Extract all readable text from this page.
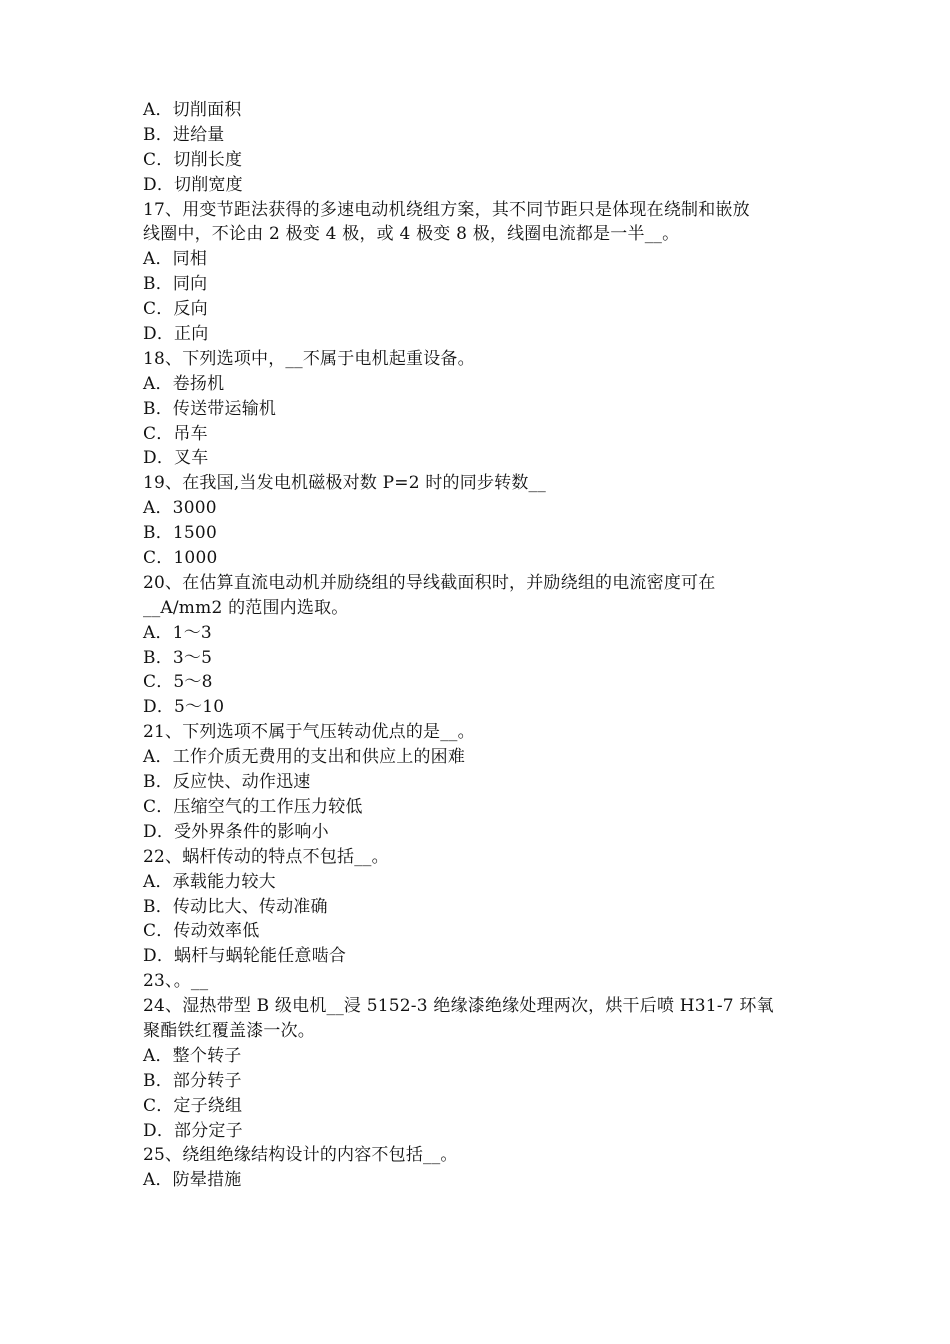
A．切削面积
B．进给量
C．切削长度
D．切削宽度
17、用变节距法获得的多速电动机绕组方案，其不同节距只是体现在绕制和嵌放
线圈中，不论由 2 极变 4 极，或 4 极变 8 极，线圈电流都是一半__。
A．同相
B．同向
C．反向
D．正向
18、下列选项中，__不属于电机起重设备。
A．卷扬机
B．传送带运输机
C．吊车
D．叉车
19、在我国,当发电机磁极对数 P=2 时的同步转数__
A．3000
B．1500
C．1000
20、在估算直流电动机并励绕组的导线截面积时，并励绕组的电流密度可在
__A/mm2 的范围内选取。
A．1～3
B．3～5
C．5～8
D．5～10
21、下列选项不属于气压转动优点的是__。
A．工作介质无费用的支出和供应上的困难
B．反应快、动作迅速
C．压缩空气的工作压力较低
D．受外界条件的影响小
22、蜗杆传动的特点不包括__。
A．承载能力较大
B．传动比大、传动准确
C．传动效率低
D．蜗杆与蜗轮能任意啮合
23、。__
24、湿热带型 B 级电机__浸 5152-3 绝缘漆绝缘处理两次，烘干后喷 H31-7 环氧
聚酯铁红覆盖漆一次。
A．整个转子
B．部分转子
C．定子绕组
D．部分定子
25、绕组绝缘结构设计的内容不包括__。
A．防晕措施
